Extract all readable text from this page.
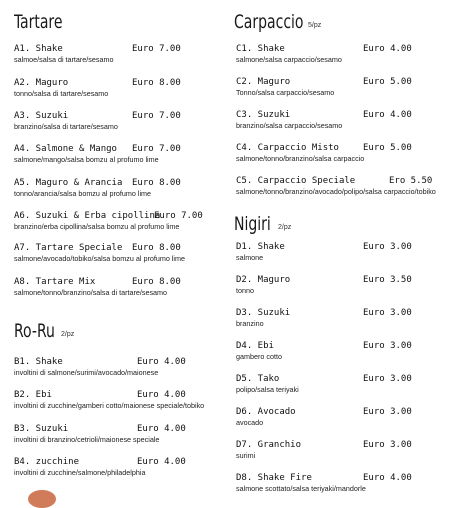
Tartare
A1. Shake	Euro 7.00
salmoe/salsa di tartare/sesamo
A2. Maguro	Euro 8.00
tonno/salsa di tartare/sesamo
A3. Suzuki	Euro 7.00
branzino/salsa di tartare/sesamo
A4. Salmone & Mango Euro 7.00
salmone/mango/salsa bomzu al profumo lime
A5. Maguro & Arancia Euro 8.00
tonno/arancia/salsa bomzu al profumo lime
A6. Suzuki & Erba cipollina
Euro 7.00
branzino/erba cipollina/salsa bomzu al profumo lime
A7. Tartare Speciale Euro 8.00
salmone/avocado/tobiko/salsa bomzu al profumo lime
A8. Tartare Mix	Euro 8.00
salmone/tonno/branzino/salsa di tartare/sesamo
Ro-Ru 2/pz
B1. Shake	Euro 4.00
involtini di salmone/surimi/avocado/maionese
B2. Ebi	Euro 4.00
involtini di zucchine/gamberi cotto/maionese speciale/tobiko
B3. Suzuki	Euro 4.00
involtini di branzino/cetrioli/maionese speciale
B4. zucchine	Euro 4.00
involtini di zucchine/salmone/philadelphia
Carpaccio 5/pz
C1. Shake	Euro 4.00
salmone/salsa carpaccio/sesamo
C2. Maguro	Euro 5.00
Tonno/salsa carpaccio/sesamo
C3. Suzuki	Euro 4.00
branzino/salsa carpaccio/sesamo
C4. Carpaccio Misto	Euro 5.00
salmone/tonno/branzino/salsa carpaccio
C5. Carpaccio Speciale	Ero 5.50
salmone/tonno/branzino/avocado/polipo/salsa carpaccio/tobiko
Nigiri 2/pz
D1. Shake	Euro 3.00
salmone
D2. Maguro	Euro 3.50
tonno
D3. Suzuki	Euro 3.00
branzino
D4. Ebi	Euro 3.00
gambero cotto
D5. Tako	Euro 3.00
polipo/salsa teriyaki
D6. Avocado	Euro 3.00
avocado
D7. Granchio	Euro 3.00
surimi
D8. Shake Fire	Euro 4.00
salmone scottato/salsa teriyaki/mandorle
